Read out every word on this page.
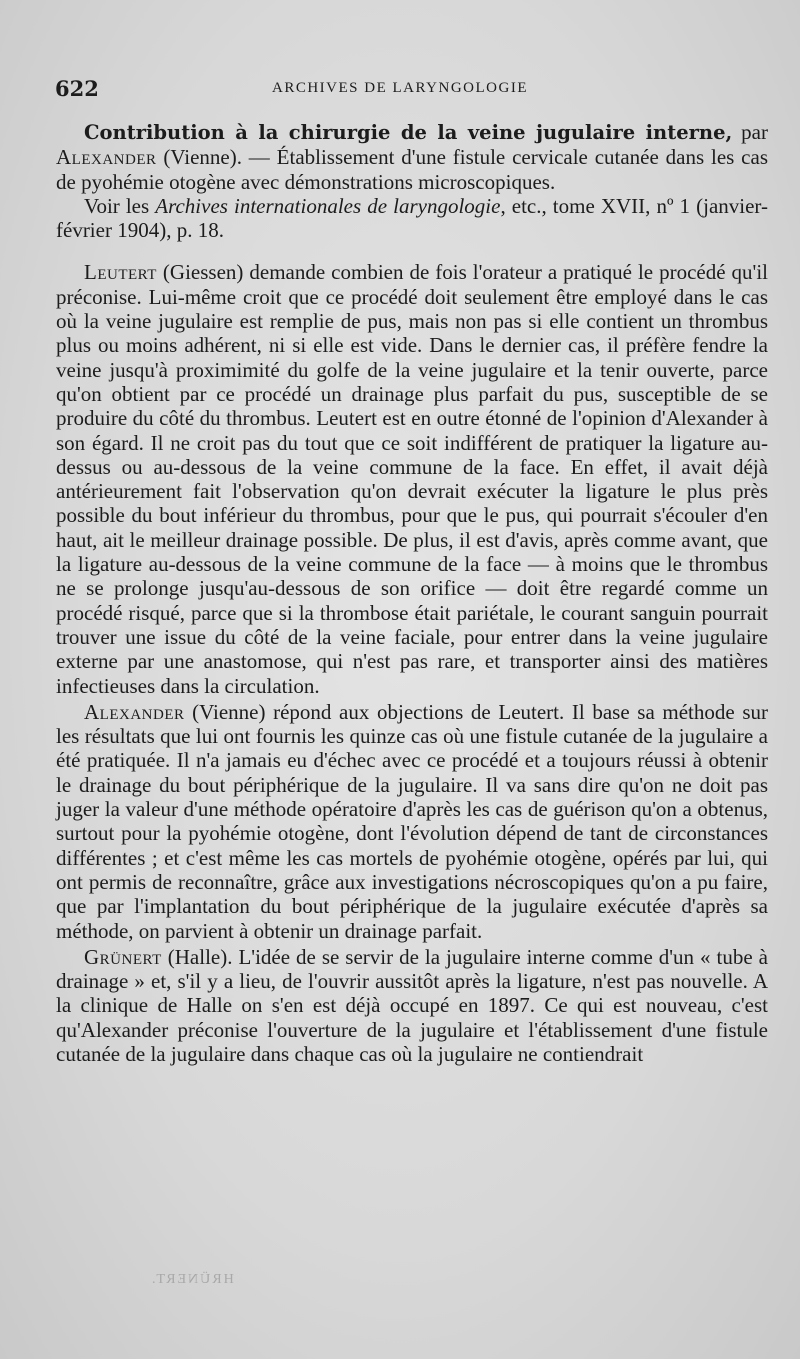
622	ARCHIVES DE LARYNGOLOGIE

Contribution à la chirurgie de la veine jugulaire interne, par Alexander (Vienne). — Établissement d'une fistule cervicale cutanée dans les cas de pyohémie otogène avec démonstrations microscopiques.

Voir les Archives internationales de laryngologie, etc., tome XVII, nº 1 (janvier-février 1904), p. 18.

Leutert (Giessen) demande combien de fois l'orateur a pratiqué le procédé qu'il préconise. Lui-même croit que ce procédé doit seulement être employé dans le cas où la veine jugulaire est remplie de pus, mais non pas si elle contient un thrombus plus ou moins adhérent, ni si elle est vide. Dans le dernier cas, il préfère fendre la veine jusqu'à proximimité du golfe de la veine jugulaire et la tenir ouverte, parce qu'on obtient par ce procédé un drainage plus parfait du pus, susceptible de se produire du côté du thrombus. Leutert est en outre étonné de l'opinion d'Alexander à son égard. Il ne croit pas du tout que ce soit indifférent de pratiquer la ligature au-dessus ou au-dessous de la veine commune de la face. En effet, il avait déjà antérieurement fait l'observation qu'on devrait exécuter la ligature le plus près possible du bout inférieur du thrombus, pour que le pus, qui pourrait s'écouler d'en haut, ait le meilleur drainage possible. De plus, il est d'avis, après comme avant, que la ligature au-dessous de la veine commune de la face — à moins que le thrombus ne se prolonge jusqu'au-dessous de son orifice — doit être regardé comme un procédé risqué, parce que si la thrombose était pariétale, le courant sanguin pourrait trouver une issue du côté de la veine faciale, pour entrer dans la veine jugulaire externe par une anastomose, qui n'est pas rare, et transporter ainsi des matières infectieuses dans la circulation.

Alexander (Vienne) répond aux objections de Leutert. Il base sa méthode sur les résultats que lui ont fournis les quinze cas où une fistule cutanée de la jugulaire a été pratiquée. Il n'a jamais eu d'échec avec ce procédé et a toujours réussi à obtenir le drainage du bout périphérique de la jugulaire. Il va sans dire qu'on ne doit pas juger la valeur d'une méthode opératoire d'après les cas de guérison qu'on a obtenus, surtout pour la pyohémie otogène, dont l'évolution dépend de tant de circonstances différentes ; et c'est même les cas mortels de pyohémie otogène, opérés par lui, qui ont permis de reconnaître, grâce aux investigations nécroscopiques qu'on a pu faire, que par l'implantation du bout périphérique de la jugulaire exécutée d'après sa méthode, on parvient à obtenir un drainage parfait.

Grünert (Halle). L'idée de se servir de la jugulaire interne comme d'un « tube à drainage » et, s'il y a lieu, de l'ouvrir aussitôt après la ligature, n'est pas nouvelle. A la clinique de Halle on s'en est déjà occupé en 1897. Ce qui est nouveau, c'est qu'Alexander préconise l'ouverture de la jugulaire et l'établissement d'une fistule cutanée de la jugulaire dans chaque cas où la jugulaire ne contiendrait

HRÜNERT.
